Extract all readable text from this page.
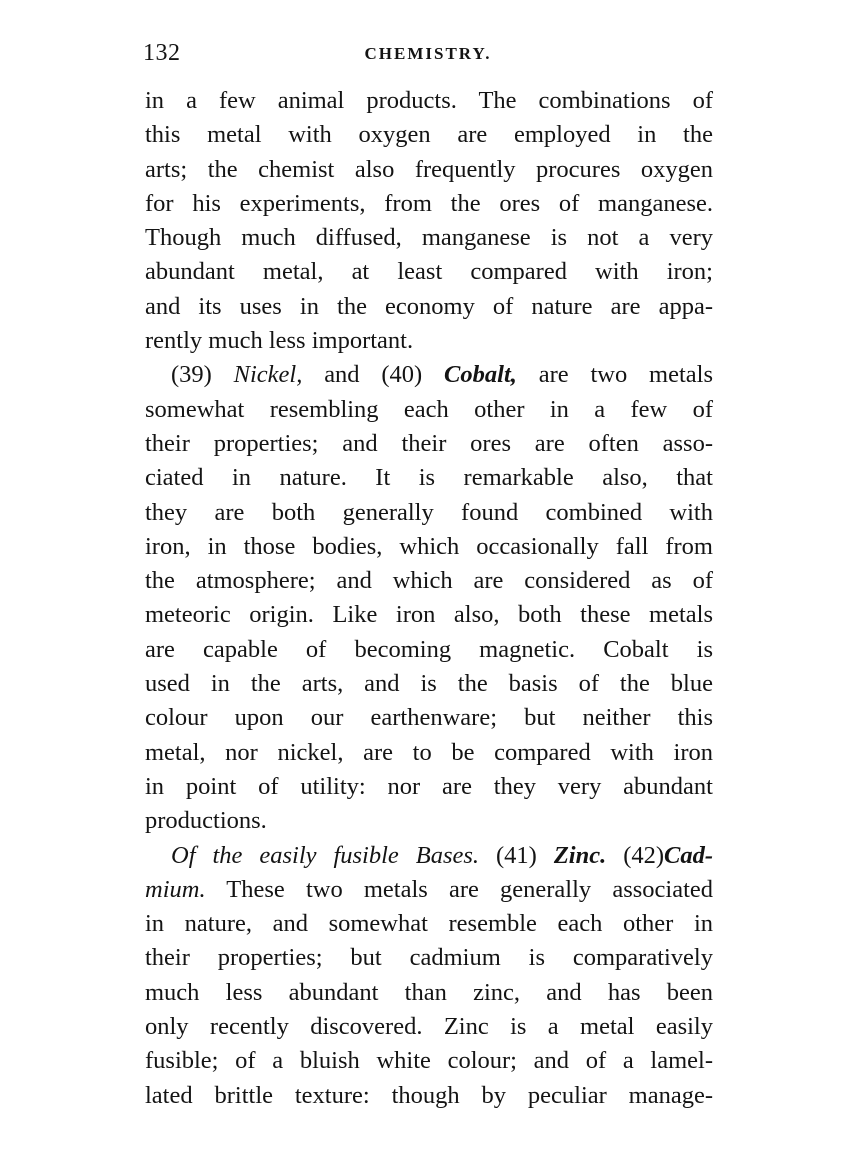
132	CHEMISTRY.
in a few animal products. The combinations of
this metal with oxygen are employed in the
arts; the chemist also frequently procures oxygen
for his experiments, from the ores of manganese.
Though much diffused, manganese is not a very
abundant metal, at least compared with iron;
and its uses in the economy of nature are appa-
rently much less important.
(39) Nickel, and (40) Cobalt, are two metals
somewhat resembling each other in a few of
their properties; and their ores are often asso-
ciated in nature. It is remarkable also, that
they are both generally found combined with
iron, in those bodies, which occasionally fall from
the atmosphere; and which are considered as of
meteoric origin. Like iron also, both these metals
are capable of becoming magnetic. Cobalt is
used in the arts, and is the basis of the blue
colour upon our earthenware; but neither this
metal, nor nickel, are to be compared with iron
in point of utility: nor are they very abundant
productions.
Of the easily fusible Bases. (41) Zinc. (42)Cad-
mium. These two metals are generally associated
in nature, and somewhat resemble each other in
their properties; but cadmium is comparatively
much less abundant than zinc, and has been
only recently discovered. Zinc is a metal easily
fusible; of a bluish white colour; and of a lamel-
lated brittle texture: though by peculiar manage-
